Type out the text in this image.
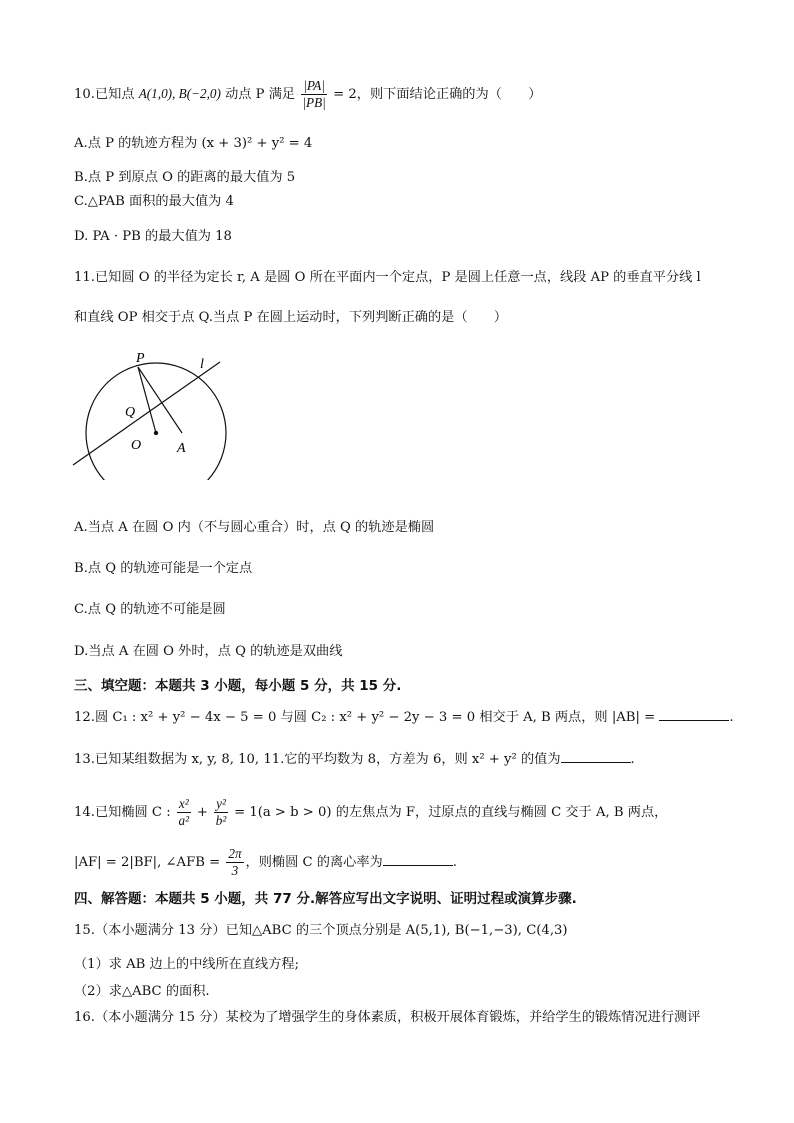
10.已知点 A(1,0), B(−2,0) 动点 P 满足 $\frac{|PA|}{|PB|} = 2$，则下面结论正确的为（　　）
A.点 P 的轨迹方程为 (x + 3)² + y² = 4
B.点 P 到原点 O 的距离的最大值为 5
C.△PAB 面积的最大值为 4
D. PA · PB 的最大值为 18
11.已知圆 O 的半径为定长 r, A 是圆 O 所在平面内一个定点，P 是圆上任意一点，线段 AP 的垂直平分线 l
和直线 OP 相交于点 Q.当点 P 在圆上运动时，下列判断正确的是（　　）
P	l
Q
O	A
A.当点 A 在圆 O 内（不与圆心重合）时，点 Q 的轨迹是椭圆
B.点 Q 的轨迹可能是一个定点
C.点 Q 的轨迹不可能是圆
D.当点 A 在圆 O 外时，点 Q 的轨迹是双曲线
三、填空题：本题共 3 小题，每小题 5 分，共 15 分.
12.圆 C₁ : x² + y² − 4x − 5 = 0 与圆 C₂ : x² + y² − 2y − 3 = 0 相交于 A, B 两点，则 |AB| =	.
13.已知某组数据为 x, y, 8, 10, 11.它的平均数为 8，方差为 6，则 x² + y² 的值为	.
14.已知椭圆 C : $\frac{\text{x²}}{\text{a²}} + \frac{\text{y²}}{\text{b²}} = 1(a > b > 0)$ 的左焦点为 F，过原点的直线与椭圆 C 交于 A, B 两点，
|AF| = 2|BF|, ∠AFB = $\frac{2\pi}{3}$ ，则椭圆 C 的离心率为	.
四、解答题：本题共 5 小题，共 77 分.解答应写出文字说明、证明过程或演算步骤.
15.（本小题满分 13 分）已知△ABC 的三个顶点分别是 A(5,1), B(−1,−3), C(4,3)
（1）求 AB 边上的中线所在直线方程;
（2）求△ABC 的面积.
16.（本小题满分 15 分）某校为了增强学生的身体素质，积极开展体育锻炼，并给学生的锻炼情况进行测评
